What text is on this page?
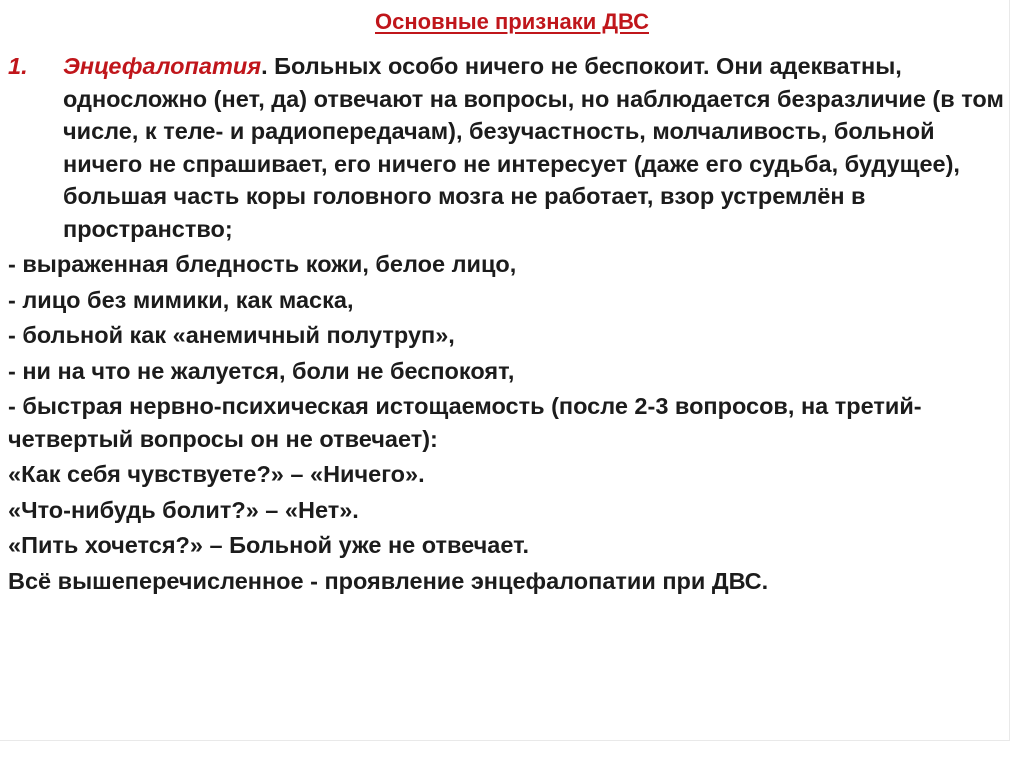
Основные признаки ДВС

1. Энцефалопатия. Больных особо ничего не беспокоит. Они адекватны, односложно (нет, да) отвечают на вопросы, но наблюдается безразличие (в том числе, к теле- и радиопередачам), безучастность, молчаливость, больной ничего не спрашивает, его ничего не интересует (даже его судьба, будущее), большая часть коры головного мозга не работает, взор устремлён в пространство;

- выраженная бледность кожи, белое лицо,

- лицо без мимики, как маска,

- больной как «анемичный полутруп»,

- ни на что не жалуется, боли не беспокоят,

- быстрая нервно-психическая истощаемость (после 2-3 вопросов, на третий-четвертый вопросы он не отвечает):

«Как себя чувствуете?» – «Ничего».

«Что-нибудь болит?» – «Нет».

«Пить хочется?» – Больной уже не отвечает.

Всё вышеперечисленное - проявление энцефалопатии при ДВС.
